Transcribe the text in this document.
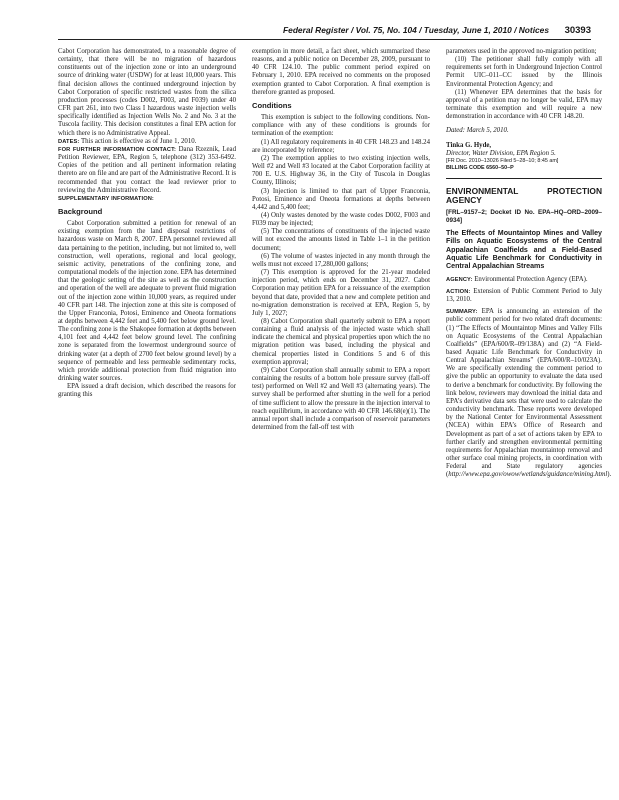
Federal Register / Vol. 75, No. 104 / Tuesday, June 1, 2010 / Notices 30393

Cabot Corporation has demonstrated, to a reasonable degree of certainty, that there will be no migration of hazardous constituents out of the injection zone or into an underground source of drinking water (USDW) for at least 10,000 years. This final decision allows the continued underground injection by Cabot Corporation of specific restricted wastes from the silica production processes (codes D002, F003, and F039) under 40 CFR part 261, into two Class I hazardous waste injection wells specifically identified as Injection Wells No. 2 and No. 3 at the Tuscola facility. This decision constitutes a final EPA action for which there is no Administrative Appeal.

DATES: This action is effective as of June 1, 2010.

FOR FURTHER INFORMATION CONTACT: Dana Rzeznik, Lead Petition Reviewer, EPA, Region 5, telephone (312) 353-6492. Copies of the petition and all pertinent information relating thereto are on file and are part of the Administrative Record. It is recommended that you contact the lead reviewer prior to reviewing the Administrative Record.

SUPPLEMENTARY INFORMATION:

Background

Cabot Corporation submitted a petition for renewal of an existing exemption from the land disposal restrictions of hazardous waste on March 8, 2007. EPA personnel reviewed all data pertaining to the petition, including, but not limited to, well construction, well operations, regional and local geology, seismic activity, penetrations of the confining zone, and computational models of the injection zone. EPA has determined that the geologic setting of the site as well as the construction and operation of the well are adequate to prevent fluid migration out of the injection zone within 10,000 years, as required under 40 CFR part 148. The injection zone at this site is composed of the Upper Franconia, Potosi, Eminence and Oneota formations at depths between 4,442 feet and 5,400 feet below ground level. The confining zone is the Shakopee formation at depths between 4,101 feet and 4,442 feet below ground level. The confining zone is separated from the lowermost underground source of drinking water (at a depth of 2700 feet below ground level) by a sequence of permeable and less permeable sedimentary rocks, which provide additional protection from fluid migration into drinking water sources.

EPA issued a draft decision, which described the reasons for granting this

exemption in more detail, a fact sheet, which summarized these reasons, and a public notice on December 28, 2009, pursuant to 40 CFR 124.10. The public comment period expired on February 1, 2010. EPA received no comments on the proposed exemption granted to Cabot Corporation. A final exemption is therefore granted as proposed.

Conditions

This exemption is subject to the following conditions. Non-compliance with any of these conditions is grounds for termination of the exemption:

(1) All regulatory requirements in 40 CFR 148.23 and 148.24 are incorporated by reference;

(2) The exemption applies to two existing injection wells, Well #2 and Well #3 located at the Cabot Corporation facility at 700 E. U.S. Highway 36, in the City of Tuscola in Douglas County, Illinois;

(3) Injection is limited to that part of Upper Franconia, Potosi, Eminence and Oneota formations at depths between 4,442 and 5,400 feet;

(4) Only wastes denoted by the waste codes D002, F003 and F039 may be injected;

(5) The concentrations of constituents of the injected waste will not exceed the amounts listed in Table 1–1 in the petition document;

(6) The volume of wastes injected in any month through the wells must not exceed 17,280,000 gallons;

(7) This exemption is approved for the 21-year modeled injection period, which ends on December 31, 2027. Cabot Corporation may petition EPA for a reissuance of the exemption beyond that date, provided that a new and complete petition and no-migration demonstration is received at EPA, Region 5, by July 1, 2027;

(8) Cabot Corporation shall quarterly submit to EPA a report containing a fluid analysis of the injected waste which shall indicate the chemical and physical properties upon which the no migration petition was based, including the physical and chemical properties listed in Conditions 5 and 6 of this exemption approval;

(9) Cabot Corporation shall annually submit to EPA a report containing the results of a bottom hole pressure survey (fall-off test) performed on Well #2 and Well #3 (alternating years). The survey shall be performed after shutting in the well for a period of time sufficient to allow the pressure in the injection interval to reach equilibrium, in accordance with 40 CFR 146.68(e)(1). The annual report shall include a comparison of reservoir parameters determined from the fall-off test with

parameters used in the approved no-migration petition;

(10) The petitioner shall fully comply with all requirements set forth in Underground Injection Control Permit UIC–011–CC issued by the Illinois Environmental Protection Agency; and

(11) Whenever EPA determines that the basis for approval of a petition may no longer be valid, EPA may terminate this exemption and will require a new demonstration in accordance with 40 CFR 148.20.

Dated: March 5, 2010.

Tinka G. Hyde,
Director, Water Division, EPA Region 5.

[FR Doc. 2010–13026 Filed 5–28–10; 8:45 am]

BILLING CODE 6560–50–P

ENVIRONMENTAL PROTECTION AGENCY

[FRL–9157–2; Docket ID No. EPA–HQ–ORD–2009–0934]

The Effects of Mountaintop Mines and Valley Fills on Aquatic Ecosystems of the Central Appalachian Coalfields and a Field-Based Aquatic Life Benchmark for Conductivity in Central Appalachian Streams

AGENCY: Environmental Protection Agency (EPA).

ACTION: Extension of Public Comment Period to July 13, 2010.

SUMMARY: EPA is announcing an extension of the public comment period for two related draft documents: (1) “The Effects of Mountaintop Mines and Valley Fills on Aquatic Ecosystems of the Central Appalachian Coalfields” (EPA/600/R–09/138A) and (2) “A Field-based Aquatic Life Benchmark for Conductivity in Central Appalachian Streams” (EPA/600/R–10/023A). We are specifically extending the comment period to give the public an opportunity to evaluate the data used to derive a benchmark for conductivity. By following the link below, reviewers may download the initial data and EPA’s derivative data sets that were used to calculate the conductivity benchmark. These reports were developed by the National Center for Environmental Assessment (NCEA) within EPA’s Office of Research and Development as part of a set of actions taken by EPA to further clarify and strengthen environmental permitting requirements for Appalachian mountaintop removal and other surface coal mining projects, in coordination with Federal and State regulatory agencies (http://www.epa.gov/owow/wetlands/guidance/mining.html).
